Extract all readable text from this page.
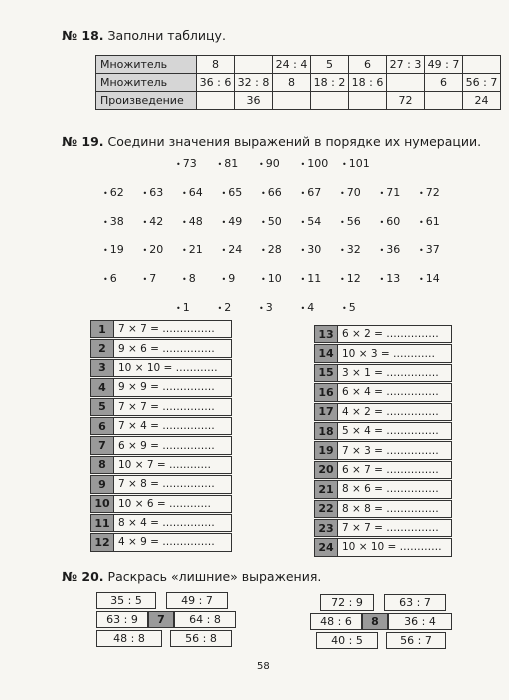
№ 18. Заполни таблицу.
Множитель	8		24 : 4	5	6	27 : 3	49 : 7	
Множитель	36 : 6	32 : 8	8	18 : 2	18 : 6		6	56 : 7
Произведение		36				72		24
№ 19. Соедини значения выражений в порядке их нумерации.
• 73	• 81	• 90	• 100	• 101
• 62	• 63	• 64	• 65	• 66	• 67	• 70	• 71	• 72
• 38	• 42	• 48	• 49	• 50	• 54	• 56	• 60	• 61
• 19	• 20	• 21	• 24	• 28	• 30	• 32	• 36	• 37
• 6	• 7	• 8	• 9	• 10	• 11	• 12	• 13	• 14
• 1	• 2	• 3	• 4	• 5
1	7 × 7 = ……………
2	9 × 6 = ……………
3	10 × 10 = …………
4	9 × 9 = ……………
5	7 × 7 = ……………
6	7 × 4 = ……………
7	6 × 9 = ……………
8	10 × 7 = …………
9	7 × 8 = ……………
10 10 × 6 = …………
11 8 × 4 = ……………
12 4 × 9 = ……………
13 6 × 2 = ……………
14 10 × 3 = …………
15 3 × 1 = ……………
16 6 × 4 = ……………
17 4 × 2 = ……………
18 5 × 4 = ……………
19 7 × 3 = ……………
20 6 × 7 = ……………
21 8 × 6 = ……………
22 8 × 8 = ……………
23 7 × 7 = ……………
24 10 × 10 = …………
№ 20. Раскрась «лишние» выражения.
35 : 5	49 : 7
63 : 9	7	64 : 8
48 : 8	56 : 8
72 : 9	63 : 7
48 : 6	8	36 : 4
40 : 5	56 : 7
58
